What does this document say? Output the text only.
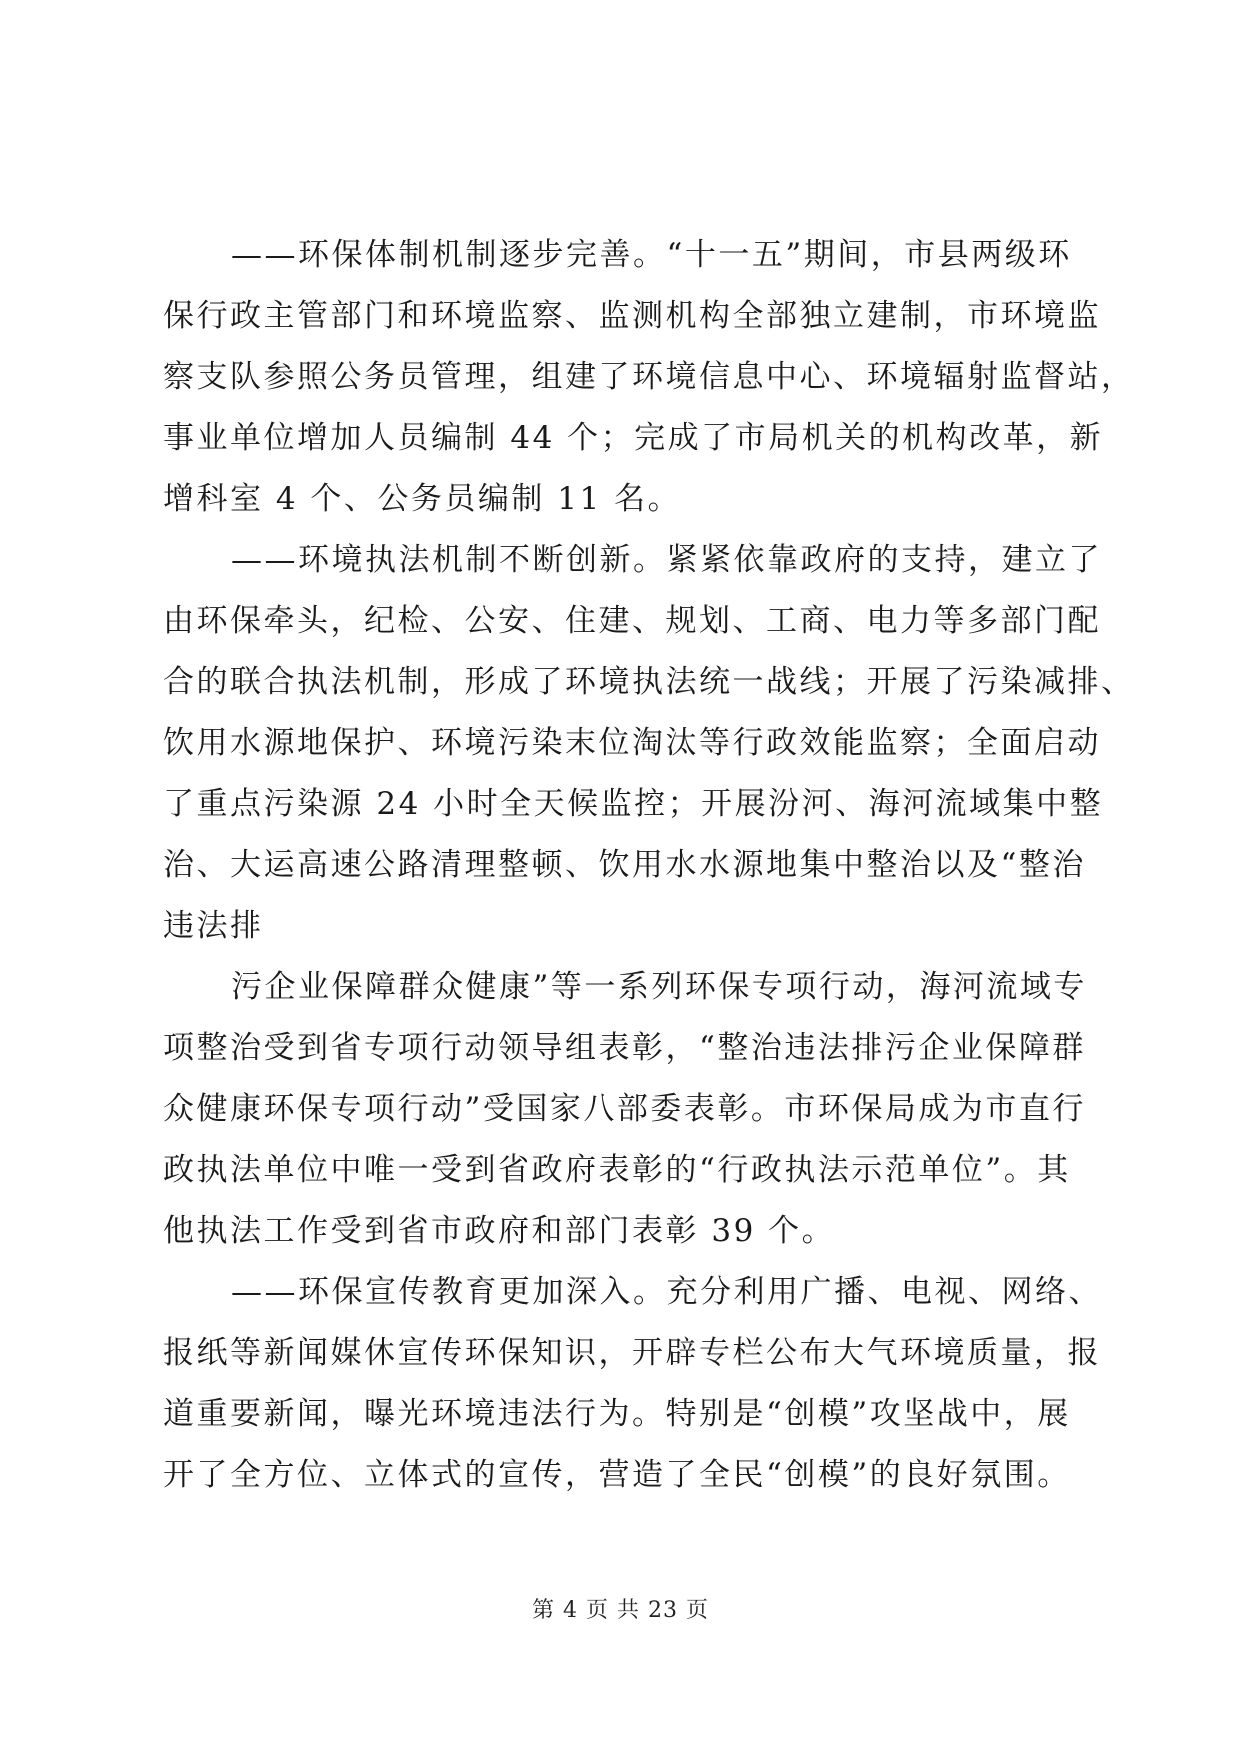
——环保体制机制逐步完善。“十一五”期间，市县两级环
保行政主管部门和环境监察、监测机构全部独立建制，市环境监
察支队参照公务员管理，组建了环境信息中心、环境辐射监督站，
事业单位增加人员编制 44 个；完成了市局机关的机构改革，新
增科室 4 个、公务员编制 11 名。
——环境执法机制不断创新。紧紧依靠政府的支持，建立了
由环保牵头，纪检、公安、住建、规划、工商、电力等多部门配
合的联合执法机制，形成了环境执法统一战线；开展了污染减排、
饮用水源地保护、环境污染末位淘汰等行政效能监察；全面启动
了重点污染源 24 小时全天候监控；开展汾河、海河流域集中整
治、大运高速公路清理整顿、饮用水水源地集中整治以及“整治
违法排
污企业保障群众健康”等一系列环保专项行动，海河流域专
项整治受到省专项行动领导组表彰，“整治违法排污企业保障群
众健康环保专项行动”受国家八部委表彰。市环保局成为市直行
政执法单位中唯一受到省政府表彰的“行政执法示范单位”。其
他执法工作受到省市政府和部门表彰 39 个。
——环保宣传教育更加深入。充分利用广播、电视、网络、
报纸等新闻媒休宣传环保知识，开辟专栏公布大气环境质量，报
道重要新闻，曝光环境违法行为。特别是“创模”攻坚战中，展
开了全方位、立体式的宣传，营造了全民“创模”的良好氛围。
第 4 页 共 23 页
